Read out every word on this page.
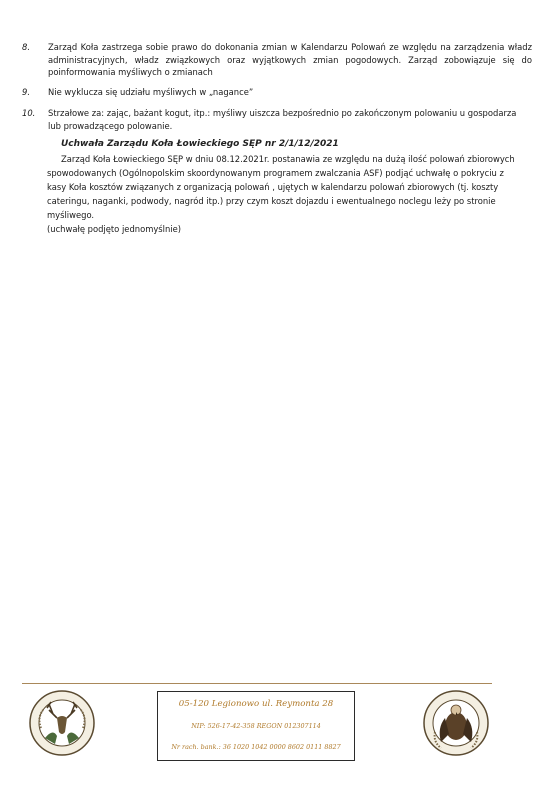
8.	Zarząd Koła zastrzega sobie prawo do dokonania zmian w Kalendarzu Polowań ze względu na zarządzenia władz administracyjnych, władz związkowych oraz wyjątkowych zmian pogodowych. Zarząd zobowiązuje się do poinformowania myśliwych o zmianach
9.	Nie wyklucza się udziału myśliwych w „nagance”
10.	Strzałowe za: zając, bażant kogut, itp.: myśliwy uiszcza bezpośrednio po zakończonym polowaniu u gospodarza lub prowadzącego polowanie.
Uchwała Zarządu Koła Łowieckiego SĘP nr 2/1/12/2021
Zarząd Koła Łowieckiego SĘP w dniu 08.12.2021r. postanawia ze względu na dużą ilość polowań zbiorowych spowodowanych (Ogólnopolskim skoordynowanym programem zwalczania ASF) podjąć uchwałę o pokryciu z kasy Koła kosztów związanych z organizacją polowań , ujętych w kalendarzu polowań zbiorowych (tj. koszty cateringu, naganki, podwody, nagród itp.) przy czym koszt dojazdu i ewentualnego noclegu leży po stronie myśliwego.
(uchwałę podjęto jednomyślnie)
05-120 Legionowo ul. Reymonta 28
NIP: 526-17-42-358 REGON 012307114
Nr rach. bank.: 36 1020 1042 0000 8602 0111 8827
